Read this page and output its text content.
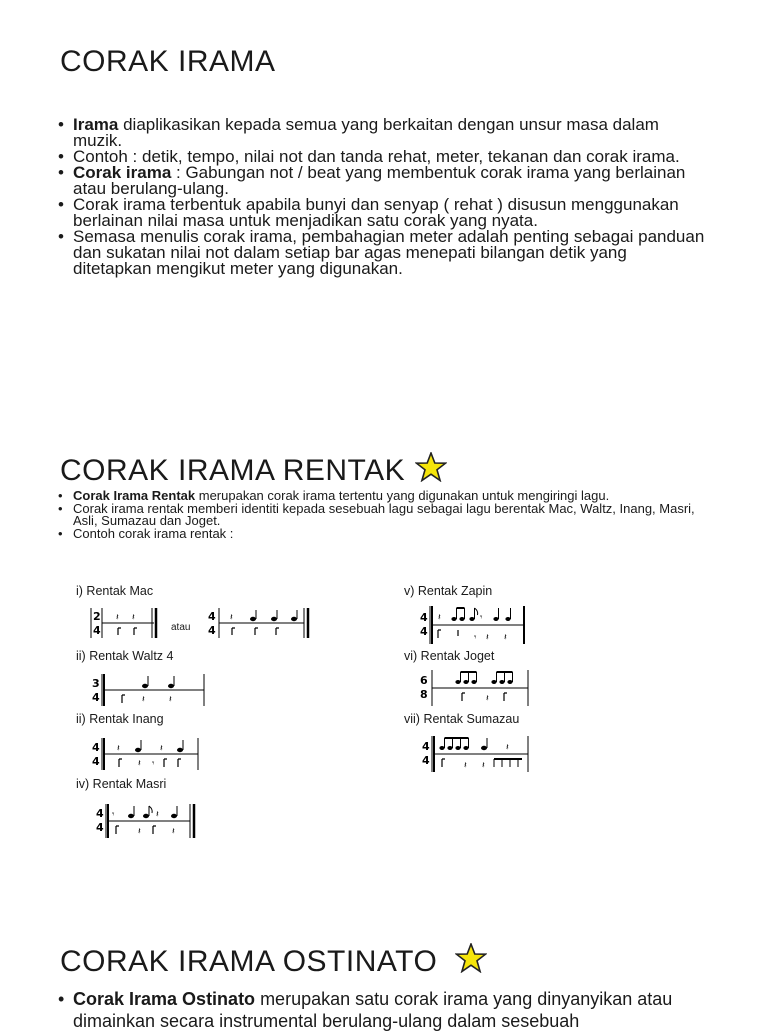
CORAK IRAMA
• Irama diaplikasikan kepada semua yang berkaitan dengan unsur masa dalam muzik.
• Contoh : detik, tempo, nilai not dan tanda rehat, meter, tekanan dan corak irama.
• Corak irama : Gabungan not / beat yang membentuk corak irama yang berlainan atau berulang-ulang.
• Corak irama terbentuk apabila bunyi dan senyap ( rehat ) disusun menggunakan berlainan nilai masa untuk menjadikan satu corak yang nyata.
• Semasa menulis corak irama, pembahagian meter adalah penting sebagai panduan dan sukatan nilai not dalam setiap bar agas menepati bilangan detik yang ditetapkan mengikut meter yang digunakan.
CORAK IRAMA RENTAK
• Corak Irama Rentak merupakan corak irama tertentu yang digunakan untuk mengiringi lagu.
• Corak irama rentak memberi identiti kepada sesebuah lagu sebagai lagu berentak Mac, Waltz, Inang, Masri, Asli, Sumazau dan Joget.
• Contoh corak irama rentak :
i) Rentak Mac
ii) Rentak Waltz 4
ii) Rentak Inang
iv) Rentak Masri
v) Rentak Zapin
vi) Rentak Joget
vii) Rentak Sumazau
2
4
𝄽 𝄽
atau
4
4
𝄽
3
4	𝄽	𝄽
4
4
𝄽	𝄽
𝄽 𝄾
4
4
𝄾	𝄽
𝄽	𝄽
4
4
𝄽	𝄾
𝄾 𝄽 𝄽
6
8	𝄽
4
4
𝄽
𝄽 𝄽
CORAK IRAMA OSTINATO
• Corak Irama Ostinato merupakan satu corak irama yang dinyanyikan atau dimainkan secara instrumental berulang-ulang dalam sesebuah
